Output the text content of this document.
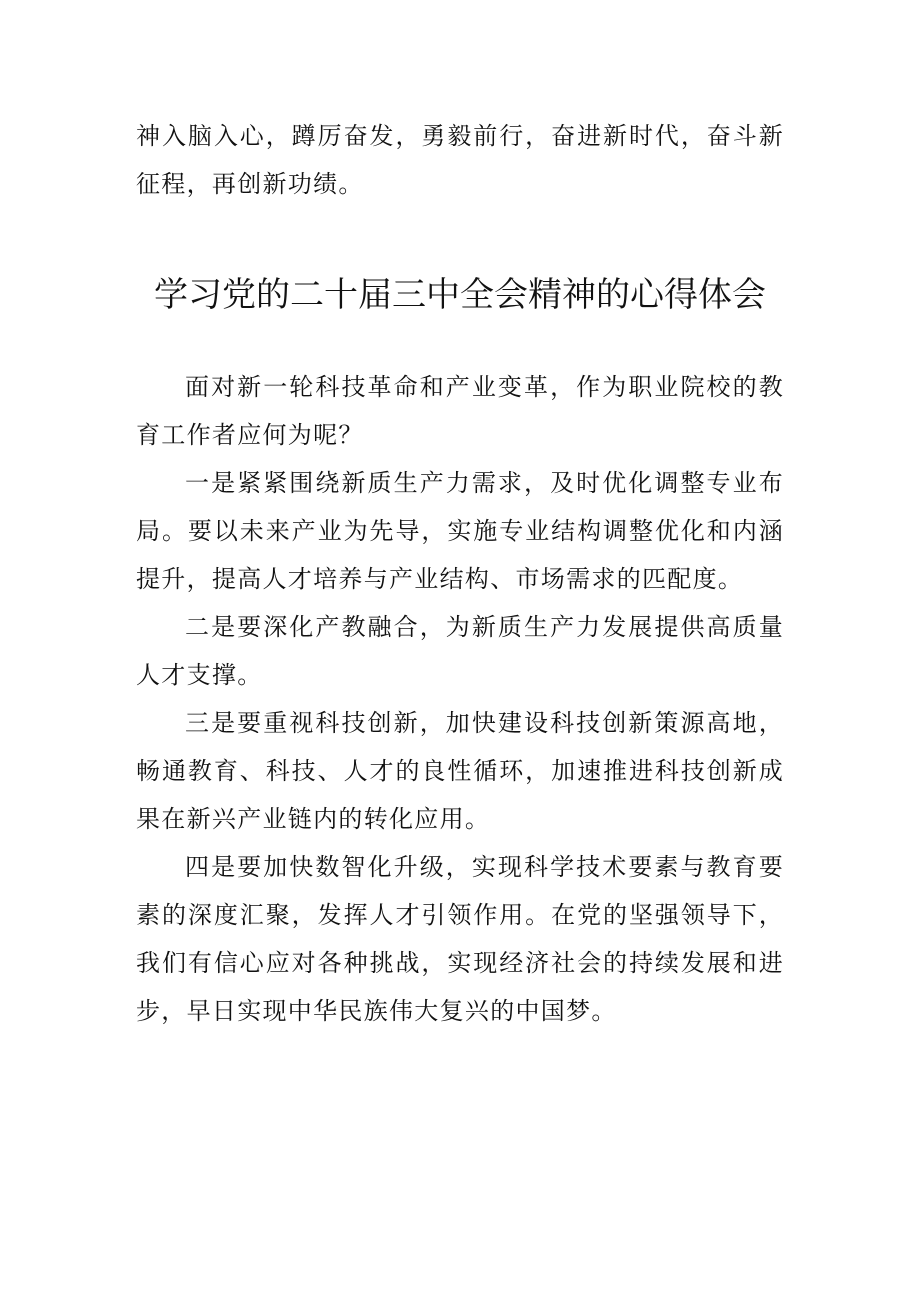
神入脑入心，蹲厉奋发，勇毅前行，奋进新时代，奋斗新征程，再创新功绩。

学习党的二十届三中全会精神的心得体会

面对新一轮科技革命和产业变革，作为职业院校的教育工作者应何为呢？

一是紧紧围绕新质生产力需求，及时优化调整专业布局。要以未来产业为先导，实施专业结构调整优化和内涵提升，提高人才培养与产业结构、市场需求的匹配度。

二是要深化产教融合，为新质生产力发展提供高质量人才支撑。

三是要重视科技创新，加快建设科技创新策源高地，畅通教育、科技、人才的良性循环，加速推进科技创新成果在新兴产业链内的转化应用。

四是要加快数智化升级，实现科学技术要素与教育要素的深度汇聚，发挥人才引领作用。在党的坚强领导下，我们有信心应对各种挑战，实现经济社会的持续发展和进步，早日实现中华民族伟大复兴的中国梦。
